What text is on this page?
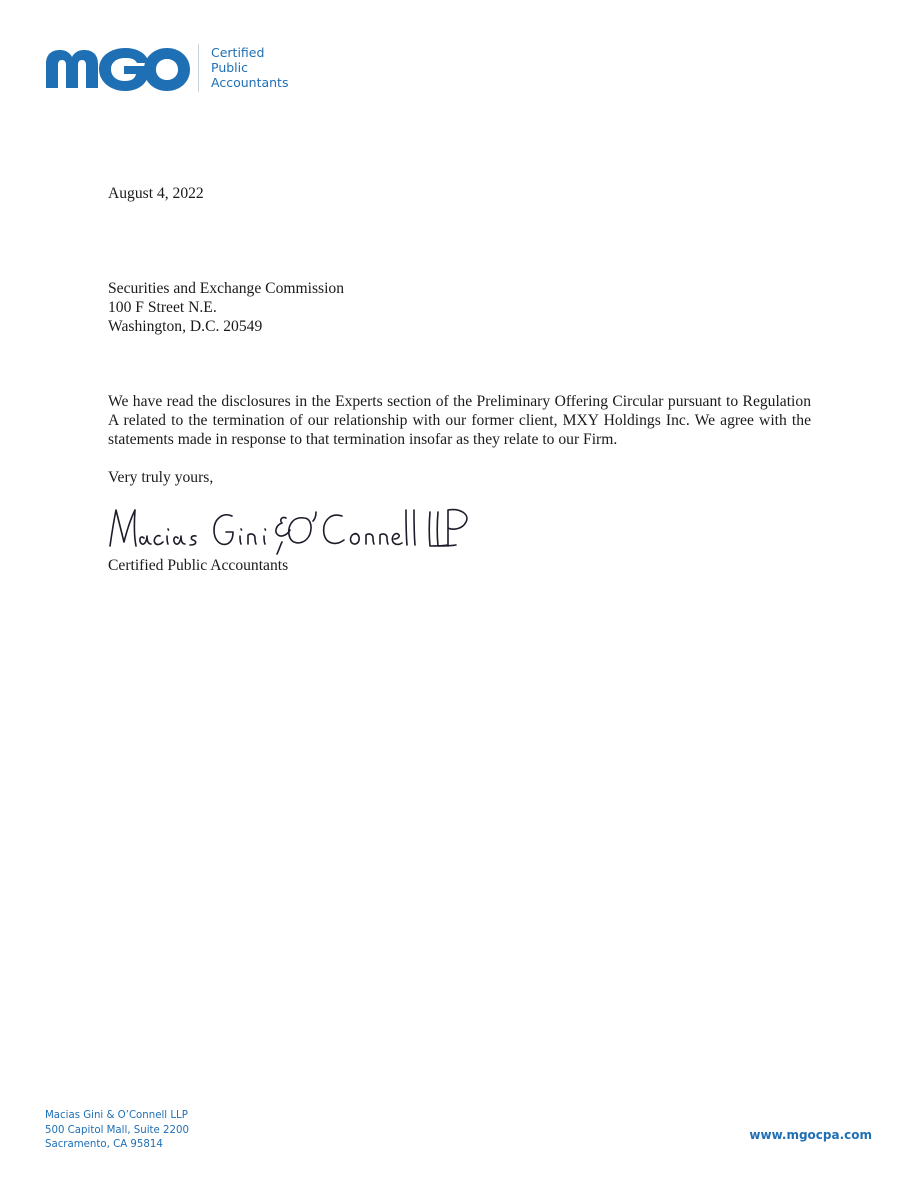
Certified
Public
Accountants
August 4, 2022
Securities and Exchange Commission
100 F Street N.E.
Washington, D.C. 20549
We have read the disclosures in the Experts section of the Preliminary Offering Circular pursuant to Regulation A related to the termination of our relationship with our former client, MXY Holdings Inc. We agree with the statements made in response to that termination insofar as they relate to our Firm.
Very truly yours,
Certified Public Accountants
Macias Gini & O’Connell LLP
500 Capitol Mall, Suite 2200
Sacramento, CA 95814
www.mgocpa.com
